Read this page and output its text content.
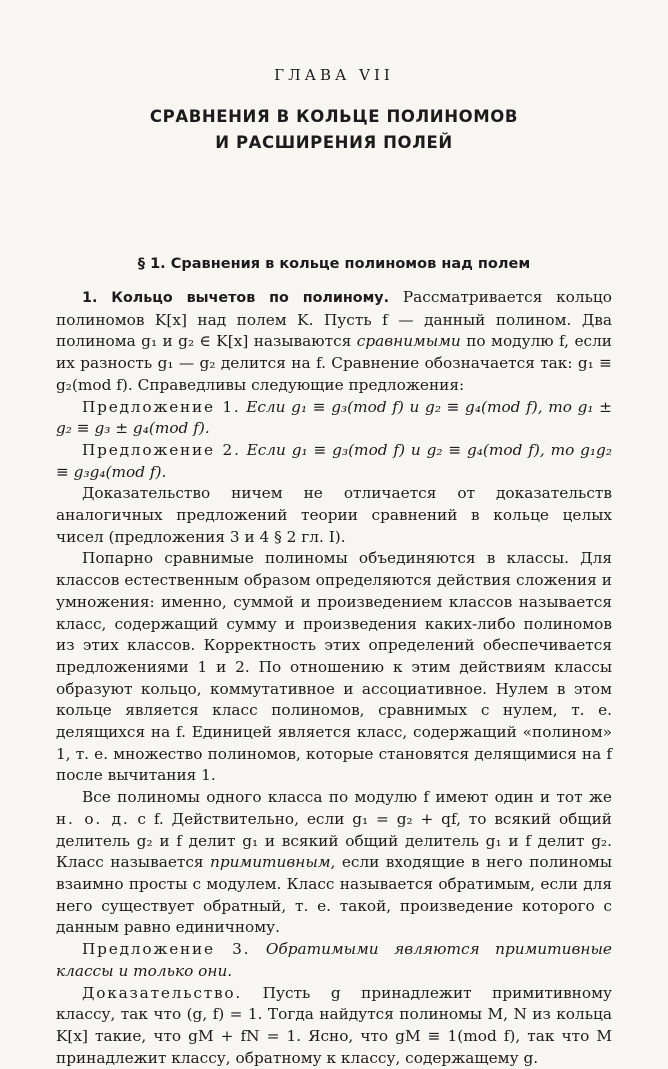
ГЛАВА VII
СРАВНЕНИЯ В КОЛЬЦЕ ПОЛИНОМОВ
И РАСШИРЕНИЯ ПОЛЕЙ
§ 1. Сравнения в кольце полиномов над полем

1. Кольцо вычетов по полиному. Рассматривается кольцо полиномов K[x] над полем K. Пусть f — данный полином. Два полинома g₁ и g₂ ∈ K[x] называются сравнимыми по модулю f, если их разность g₁ — g₂ делится на f. Сравнение обозначается так: g₁ ≡ g₂(mod f). Справедливы следующие предложения:

Предложение 1. Если g₁ ≡ g₃(mod f) и g₂ ≡ g₄(mod f), то g₁ ± g₂ ≡ g₃ ± g₄(mod f).

Предложение 2. Если g₁ ≡ g₃(mod f) и g₂ ≡ g₄(mod f), то g₁g₂ ≡ g₃g₄(mod f).

Доказательство ничем не отличается от доказательств аналогичных предложений теории сравнений в кольце целых чисел (предложения 3 и 4 § 2 гл. I).

Попарно сравнимые полиномы объединяются в классы. Для классов естественным образом определяются действия сложения и умножения: именно, суммой и произведением классов называется класс, содержащий сумму и произведения каких-либо полиномов из этих классов. Корректность этих определений обеспечивается предложениями 1 и 2. По отношению к этим действиям классы образуют кольцо, коммутативное и ассоциативное. Нулем в этом кольце является класс полиномов, сравнимых с нулем, т. е. делящихся на f. Единицей является класс, содержащий «полином» 1, т. е. множество полиномов, которые становятся делящимися на f после вычитания 1.

Все полиномы одного класса по модулю f имеют один и тот же н. о. д. с f. Действительно, если g₁ = g₂ + qf, то всякий общий делитель g₂ и f делит g₁ и всякий общий делитель g₁ и f делит g₂. Класс называется примитивным, если входящие в него полиномы взаимно просты с модулем. Класс называется обратимым, если для него существует обратный, т. е. такой, произведение которого с данным равно единичному.

Предложение 3. Обратимыми являются примитивные классы и только они.

Доказательство. Пусть g принадлежит примитивному классу, так что (g, f) = 1. Тогда найдутся полиномы M, N из кольца K[x] такие, что gM + fN = 1. Ясно, что gM ≡ 1(mod f), так что M принадлежит классу, обратному к классу, содержащему g.
